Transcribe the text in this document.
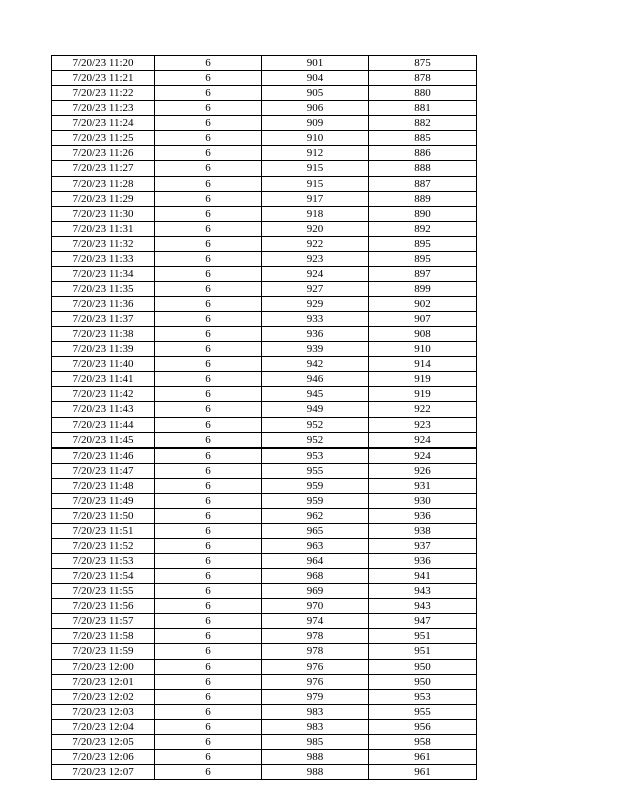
7/20/23 11:20	6	901	875
7/20/23 11:21	6	904	878
7/20/23 11:22	6	905	880
7/20/23 11:23	6	906	881
7/20/23 11:24	6	909	882
7/20/23 11:25	6	910	885
7/20/23 11:26	6	912	886
7/20/23 11:27	6	915	888
7/20/23 11:28	6	915	887
7/20/23 11:29	6	917	889
7/20/23 11:30	6	918	890
7/20/23 11:31	6	920	892
7/20/23 11:32	6	922	895
7/20/23 11:33	6	923	895
7/20/23 11:34	6	924	897
7/20/23 11:35	6	927	899
7/20/23 11:36	6	929	902
7/20/23 11:37	6	933	907
7/20/23 11:38	6	936	908
7/20/23 11:39	6	939	910
7/20/23 11:40	6	942	914
7/20/23 11:41	6	946	919
7/20/23 11:42	6	945	919
7/20/23 11:43	6	949	922
7/20/23 11:44	6	952	923
7/20/23 11:45	6	952	924
7/20/23 11:46	6	953	924
7/20/23 11:47	6	955	926
7/20/23 11:48	6	959	931
7/20/23 11:49	6	959	930
7/20/23 11:50	6	962	936
7/20/23 11:51	6	965	938
7/20/23 11:52	6	963	937
7/20/23 11:53	6	964	936
7/20/23 11:54	6	968	941
7/20/23 11:55	6	969	943
7/20/23 11:56	6	970	943
7/20/23 11:57	6	974	947
7/20/23 11:58	6	978	951
7/20/23 11:59	6	978	951
7/20/23 12:00	6	976	950
7/20/23 12:01	6	976	950
7/20/23 12:02	6	979	953
7/20/23 12:03	6	983	955
7/20/23 12:04	6	983	956
7/20/23 12:05	6	985	958
7/20/23 12:06	6	988	961
7/20/23 12:07	6	988	961
